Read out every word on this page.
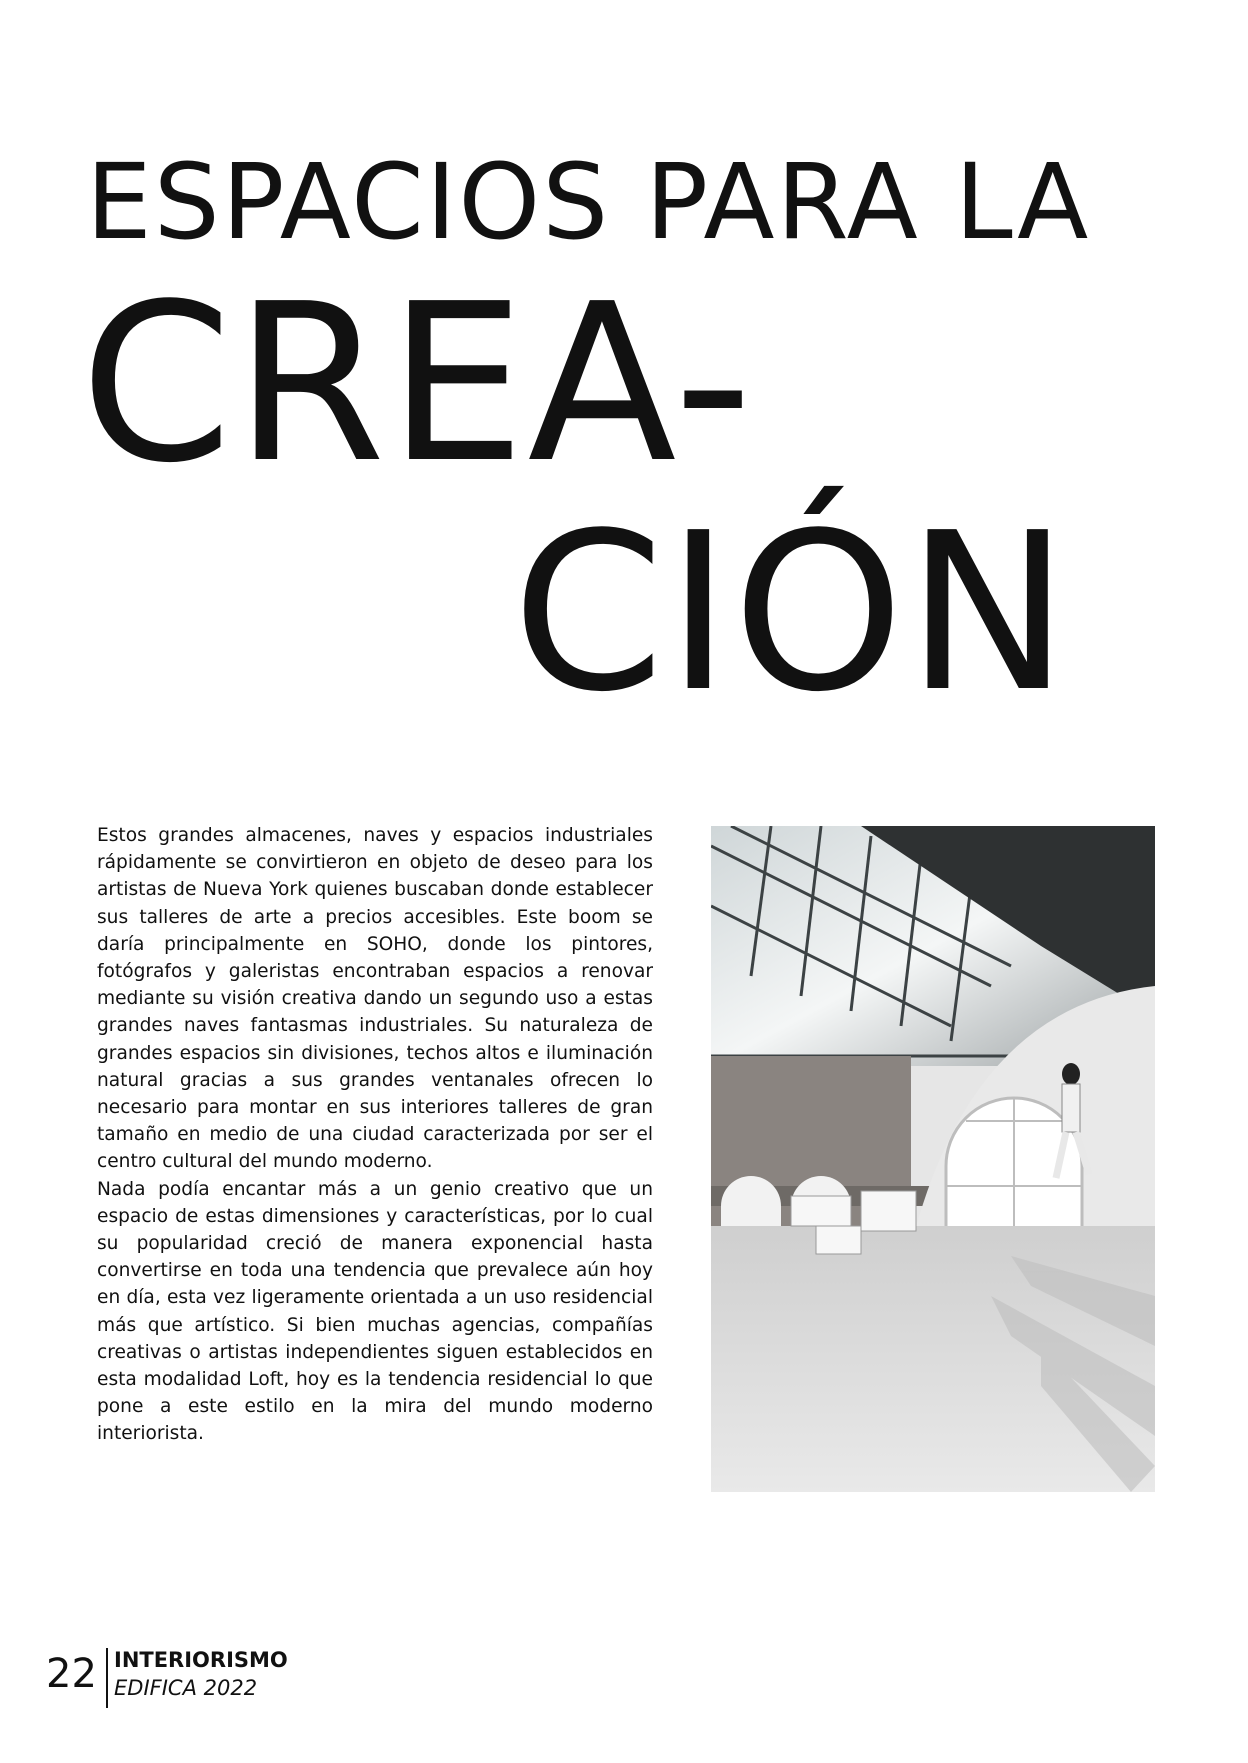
ESPACIOS PARA LA
CREA-
CIÓN

Estos grandes almacenes, naves y espacios industriales rápidamente se convirtieron en objeto de deseo para los artistas de Nueva York quienes buscaban donde establecer sus talleres de arte a precios accesibles. Este boom se daría principalmente en SOHO, donde los pintores, fotógrafos y galeristas encontraban espacios a renovar mediante su visión creativa dando un segundo uso a estas grandes naves fantasmas industriales. Su naturaleza de grandes espacios sin divisiones, techos altos e iluminación natural gracias a sus grandes ventanales ofrecen lo necesario para montar en sus interiores talleres de gran tamaño en medio de una ciudad caracterizada por ser el centro cultural del mundo moderno.

Nada podía encantar más a un genio creativo que un espacio de estas dimensiones y características, por lo cual su popularidad creció de manera exponencial hasta convertirse en toda una tendencia que prevalece aún hoy en día, esta vez ligeramente orientada a un uso residencial más que artístico. Si bien muchas agencias, compañías creativas o artistas independientes siguen establecidos en esta modalidad Loft, hoy es la tendencia residencial lo que pone a este estilo en la mira del mundo moderno interiorista.

22 INTERIORISMO
EDIFICA 2022
